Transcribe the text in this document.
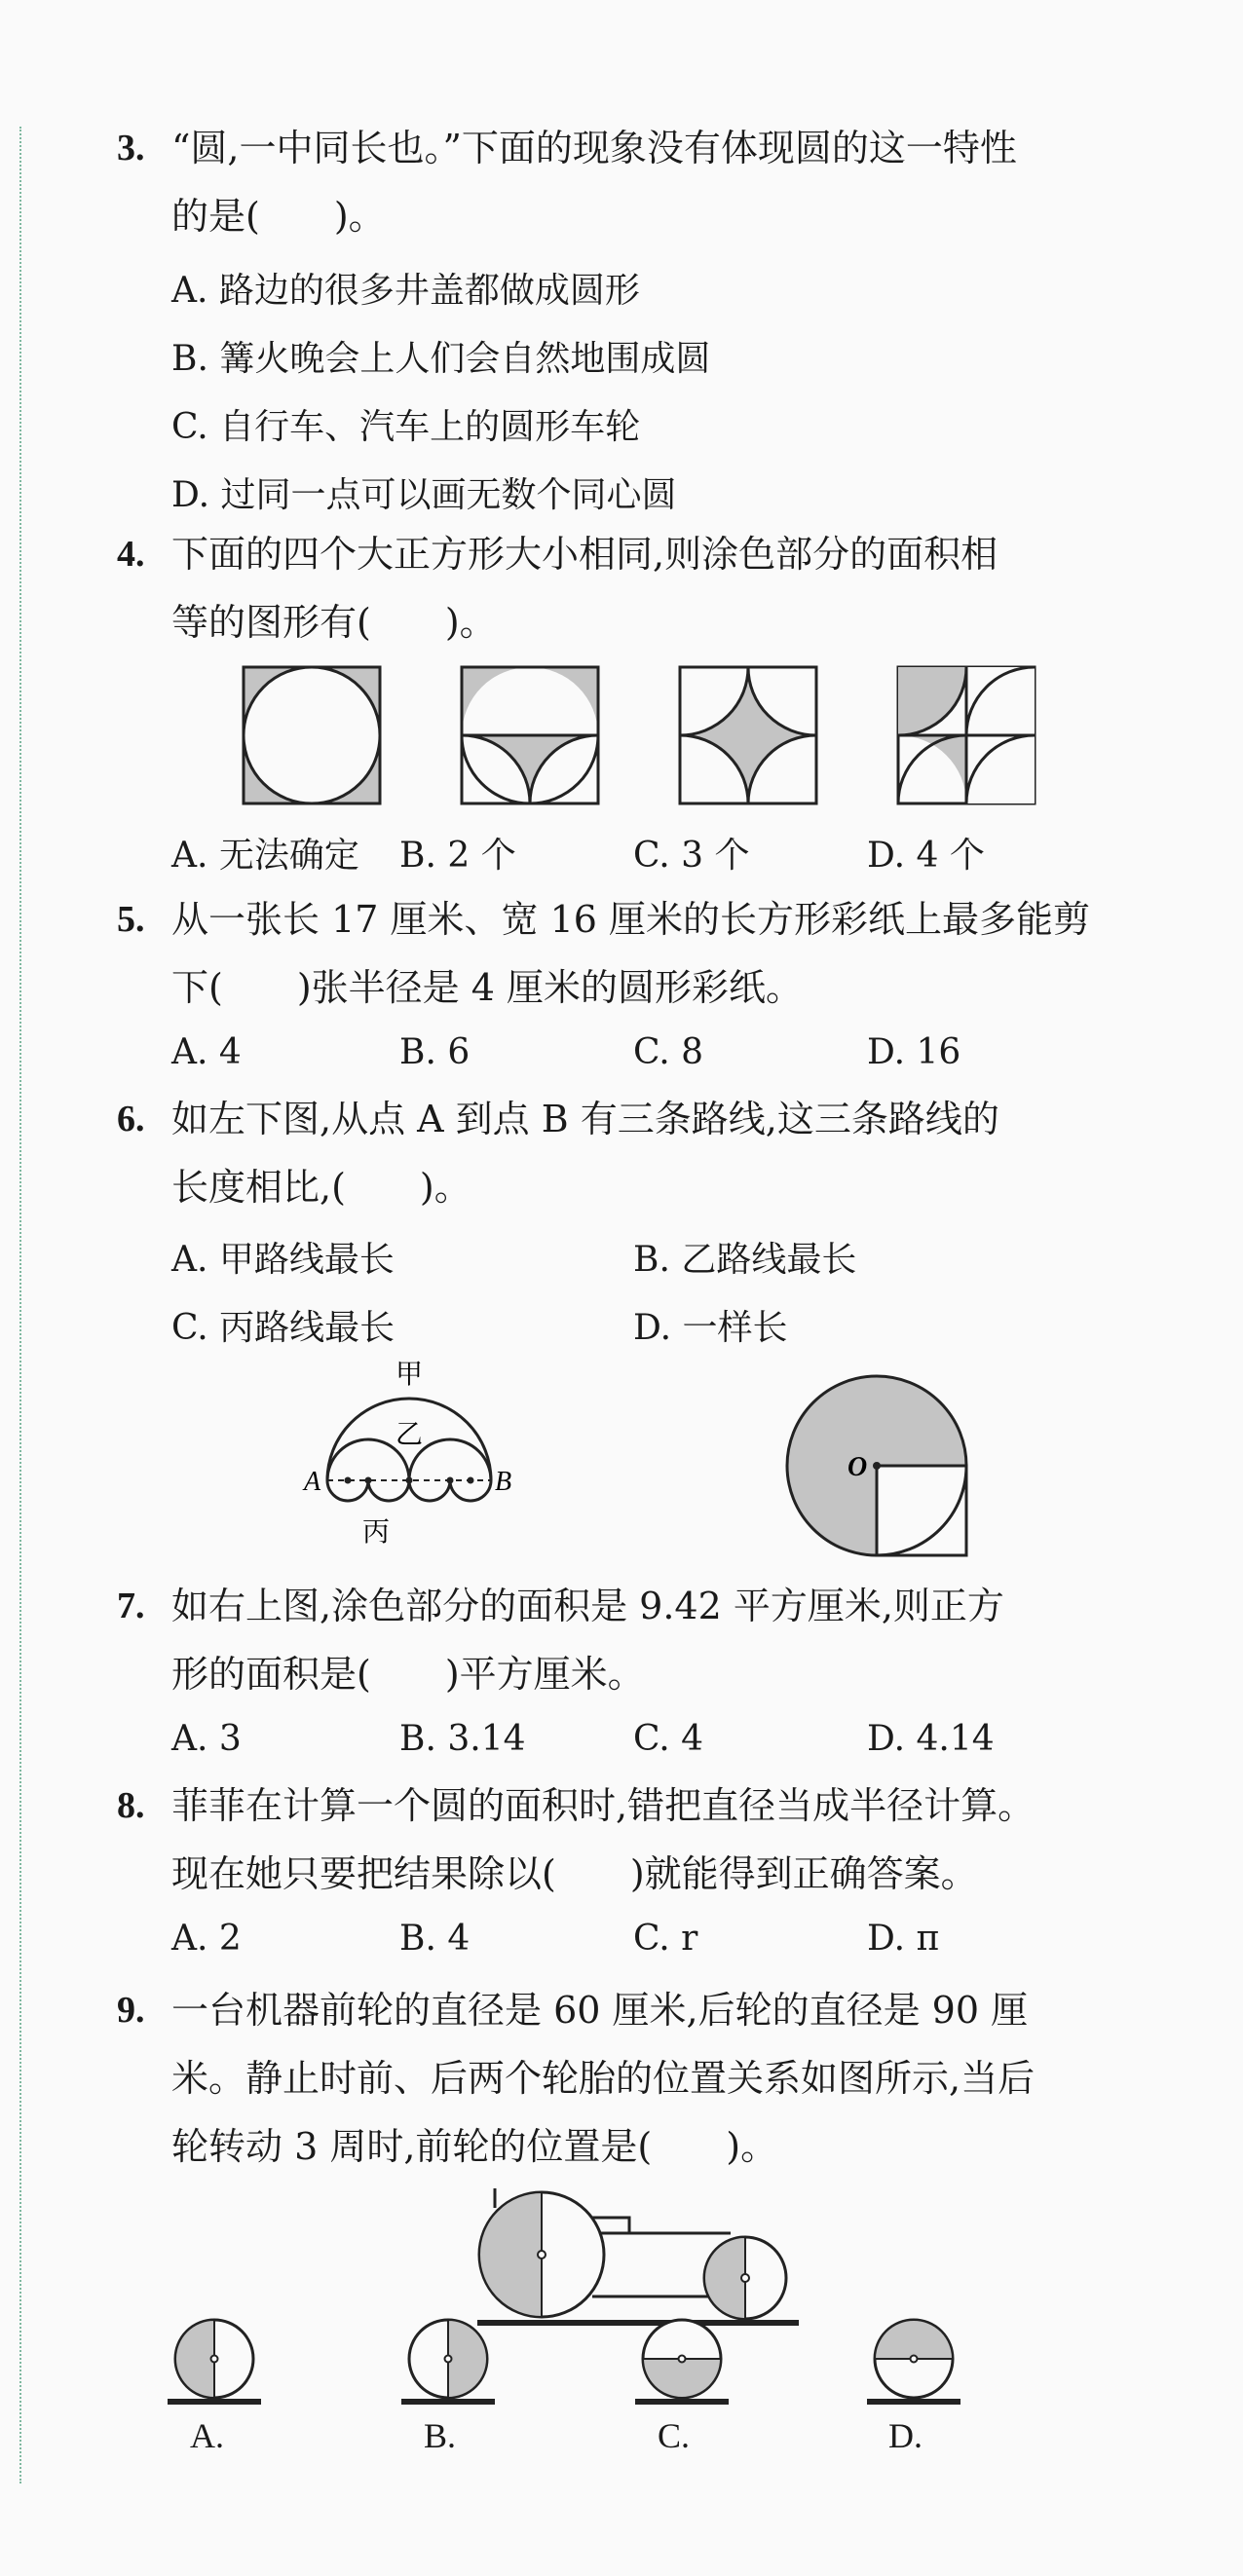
3. “圆,一中同长也。”下面的现象没有体现圆的这一特性
的是(　　)。
A. 路边的很多井盖都做成圆形
B. 篝火晚会上人们会自然地围成圆
C. 自行车、汽车上的圆形车轮
D. 过同一点可以画无数个同心圆
4. 下面的四个大正方形大小相同,则涂色部分的面积相
等的图形有(　　)。
A. 无法确定 B. 2 个	C. 3 个	D. 4 个
5. 从一张长 17 厘米、宽 16 厘米的长方形彩纸上最多能剪
下(　　)张半径是 4 厘米的圆形彩纸。
A. 4	B. 6	C. 8	D. 16
6. 如左下图,从点 A 到点 B 有三条路线,这三条路线的
长度相比,(　　)。
A. 甲路线最长	B. 乙路线最长
C. 丙路线最长	D. 一样长
甲
乙
丙
A	B	O
7. 如右上图,涂色部分的面积是 9.42 平方厘米,则正方
形的面积是(　　)平方厘米。
A. 3	B. 3.14	C. 4	D. 4.14
8. 菲菲在计算一个圆的面积时,错把直径当成半径计算。
现在她只要把结果除以(　　)就能得到正确答案。
A. 2	B. 4	C. r	D. π
9. 一台机器前轮的直径是 60 厘米,后轮的直径是 90 厘
米。静止时前、后两个轮胎的位置关系如图所示,当后
轮转动 3 周时,前轮的位置是(　　)。
A.	B.	C.	D.
